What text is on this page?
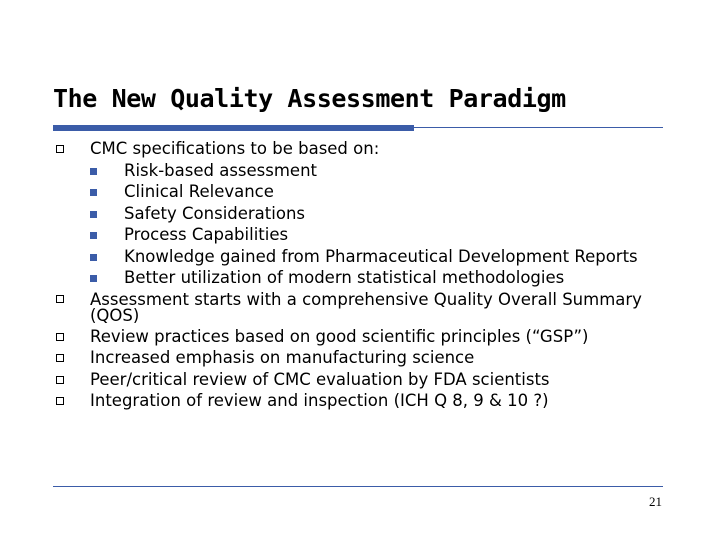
The New Quality Assessment Paradigm
CMC specifications to be based on:
Risk-based assessment
Clinical Relevance
Safety Considerations
Process Capabilities
Knowledge gained from Pharmaceutical Development Reports
Better utilization of modern statistical methodologies
Assessment starts with a comprehensive Quality Overall Summary (QOS)
Review practices based on good scientific principles (“GSP”)
Increased emphasis on manufacturing science
Peer/critical review of CMC evaluation by FDA scientists
Integration of review and inspection (ICH Q 8, 9 & 10 ?)
21
